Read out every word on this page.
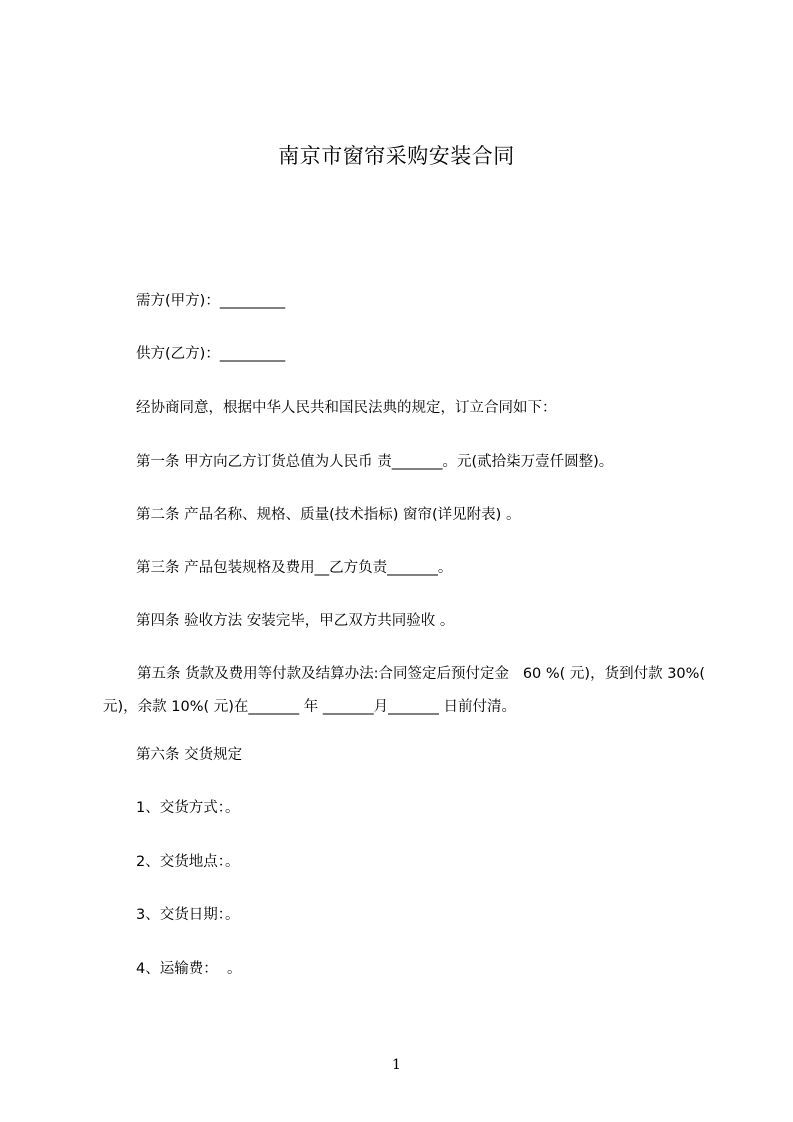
南京市窗帘采购安装合同
需方(甲方)：_________
供方(乙方)：_________
经协商同意，根据中华人民共和国民法典的规定，订立合同如下：
第一条 甲方向乙方订货总值为人民币 责_______。元(贰拾柒万壹仟圆整)。
第二条 产品名称、规格、质量(技术指标) 窗帘(详见附表) 。
第三条 产品包装规格及费用__乙方负责_______。
第四条 验收方法 安装完毕，甲乙双方共同验收 。
第五条 货款及费用等付款及结算办法:合同签定后预付定金   60 %( 元)，货到付款 30%( 元)，余款 10%( 元)在_______ 年 _______月_______ 日前付清。
第六条 交货规定
1、交货方式：。
2、交货地点：。
3、交货日期：。
4、运输费：  。
1
